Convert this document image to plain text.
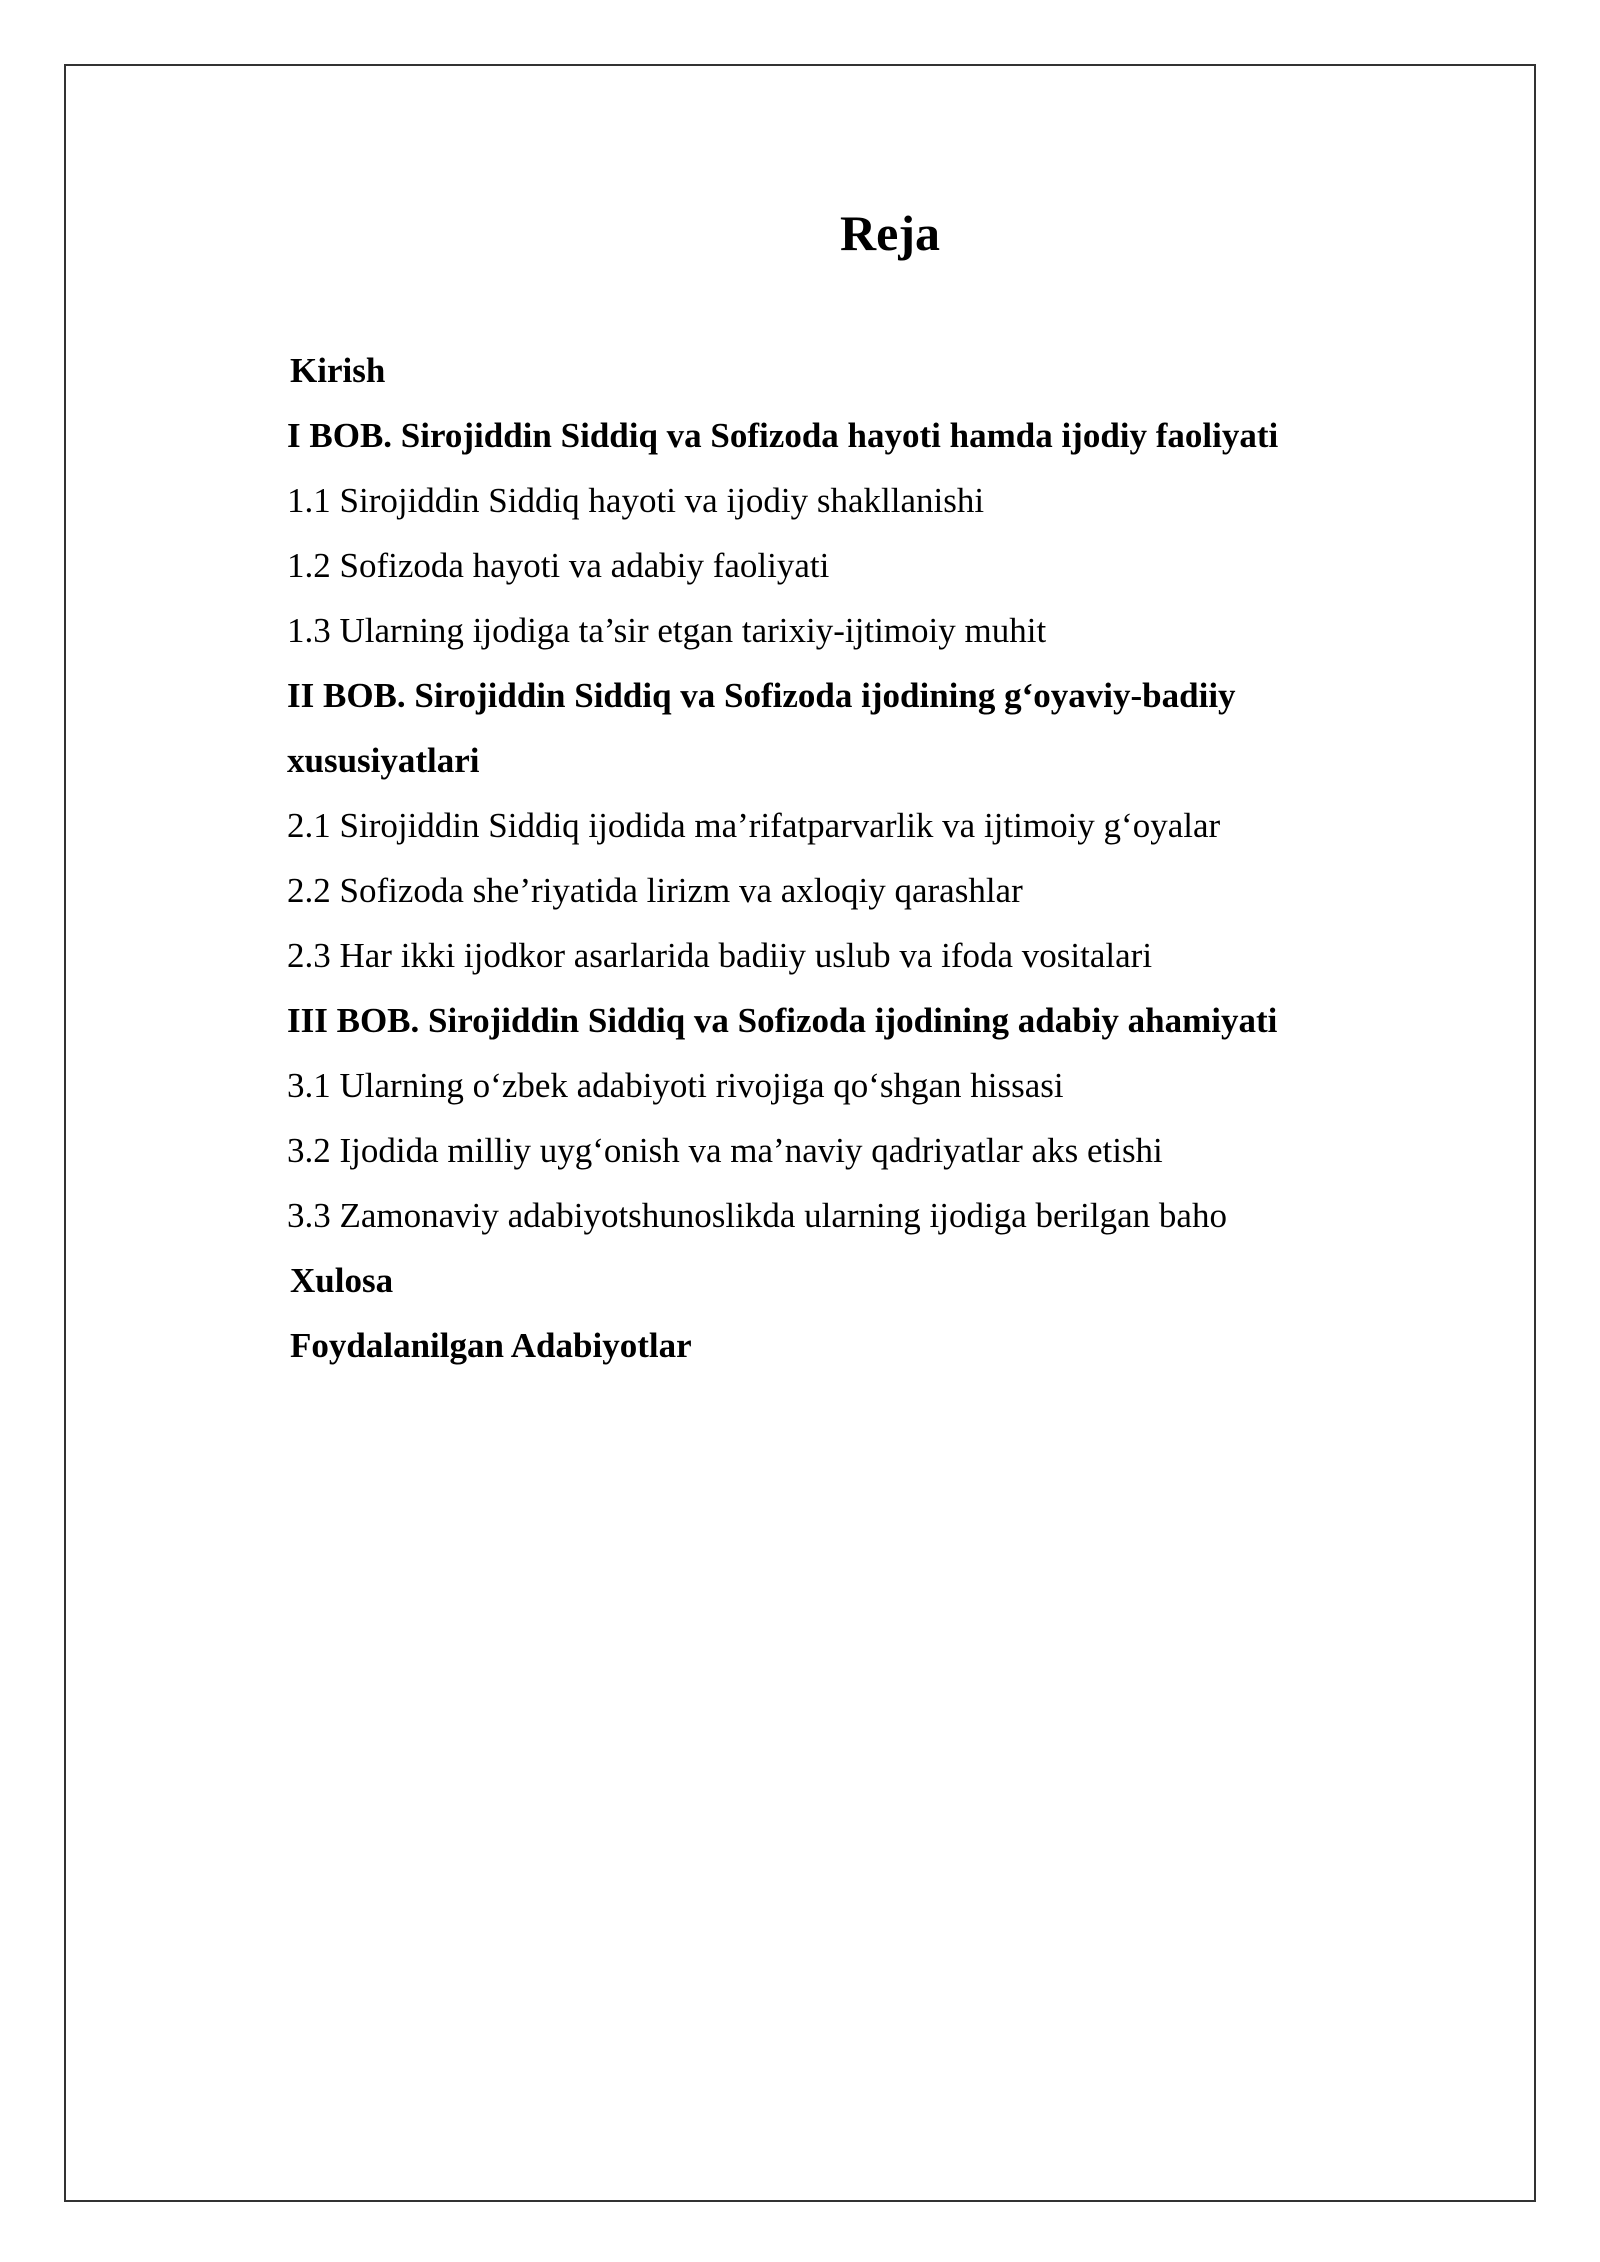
Reja
Kirish
I BOB. Sirojiddin Siddiq va Sofizoda hayoti hamda ijodiy faoliyati
1.1 Sirojiddin Siddiq hayoti va ijodiy shakllanishi
1.2 Sofizoda hayoti va adabiy faoliyati
1.3 Ularning ijodiga ta’sir etgan tarixiy-ijtimoiy muhit
II BOB. Sirojiddin Siddiq va Sofizoda ijodining g‘oyaviy-badiiy xususiyatlari
2.1 Sirojiddin Siddiq ijodida ma’rifatparvarlik va ijtimoiy g‘oyalar
2.2 Sofizoda she’riyatida lirizm va axloqiy qarashlar
2.3 Har ikki ijodkor asarlarida badiiy uslub va ifoda vositalari
III BOB. Sirojiddin Siddiq va Sofizoda ijodining adabiy ahamiyati
3.1 Ularning o‘zbek adabiyoti rivojiga qo‘shgan hissasi
3.2 Ijodida milliy uyg‘onish va ma’naviy qadriyatlar aks etishi
3.3 Zamonaviy adabiyotshunoslikda ularning ijodiga berilgan baho
Xulosa
Foydalanilgan Adabiyotlar
